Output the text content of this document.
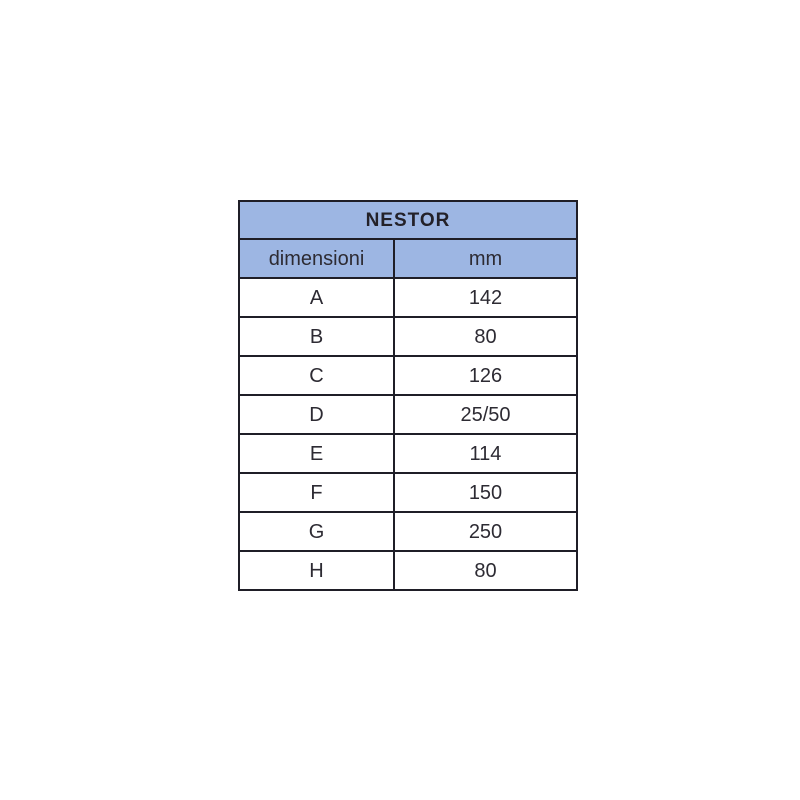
NESTOR	
dimensioni	mm
A	142
B	80
C	126
D	25/50
E	114
F	150
G	250
H	80
